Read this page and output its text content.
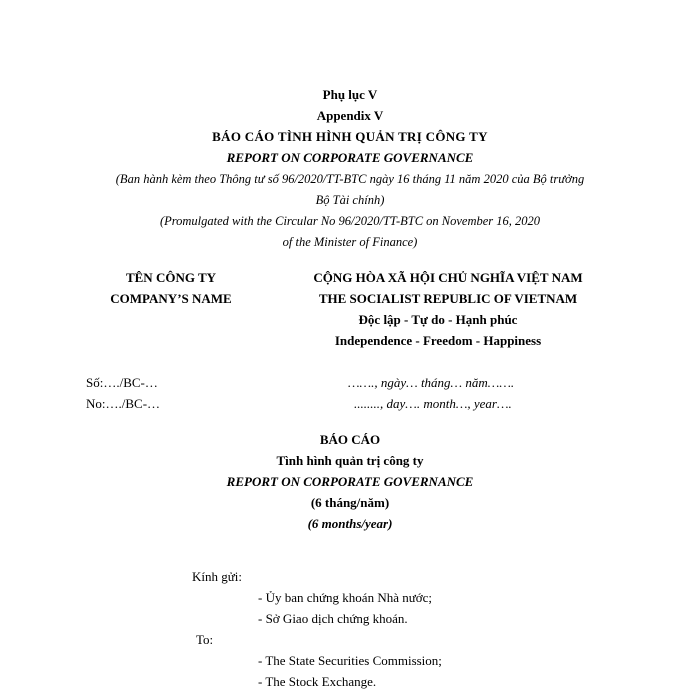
Phụ lục V
Appendix V
BÁO CÁO TÌNH HÌNH QUẢN TRỊ CÔNG TY
REPORT ON CORPORATE GOVERNANCE
(Ban hành kèm theo Thông tư số 96/2020/TT-BTC ngày 16 tháng 11 năm 2020 của Bộ trưởng
Bộ Tài chính)
(Promulgated with the Circular No 96/2020/TT-BTC on November 16, 2020
of the Minister of Finance)
TÊN CÔNG TY
COMPANY’S NAME
CỘNG HÒA XÃ HỘI CHỦ NGHĨA VIỆT NAM
THE SOCIALIST REPUBLIC OF VIETNAM
Độc lập - Tự do - Hạnh phúc
Independence - Freedom - Happiness
Số:…./BC-…
No:…./BC-…
……., ngày… tháng… năm…….
........, day…. month…, year….
BÁO CÁO
Tình hình quản trị công ty
REPORT ON CORPORATE GOVERNANCE
(6 tháng/năm)
(6 months/year)
Kính gửi:
- Ủy ban chứng khoán Nhà nước;
- Sở Giao dịch chứng khoán.
To:
- The State Securities Commission;
- The Stock Exchange.
